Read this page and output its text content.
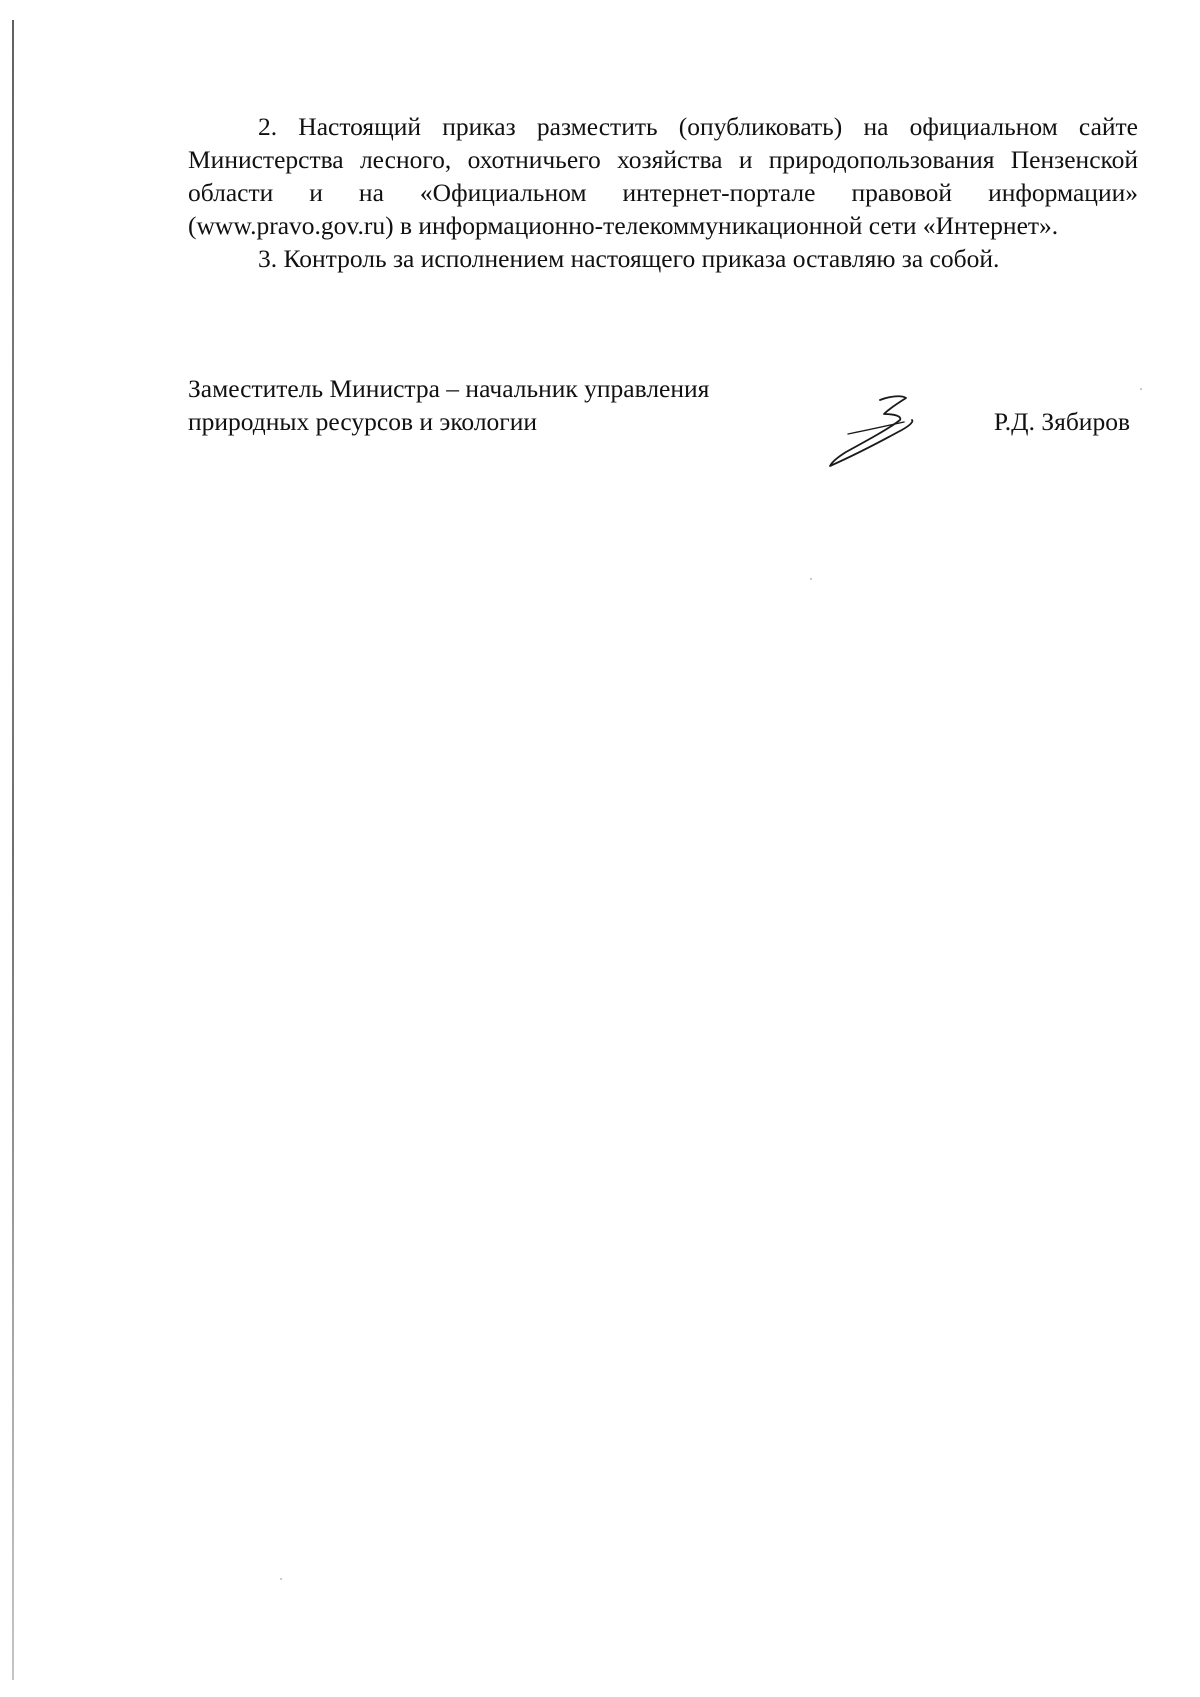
2. Настоящий приказ разместить (опубликовать) на официальном сайте Министерства лесного, охотничьего хозяйства и природопользования Пензенской области и на «Официальном интернет-портале правовой информации» (www.pravo.gov.ru) в информационно-телекоммуникационной сети «Интернет».

3. Контроль за исполнением настоящего приказа оставляю за собой.

Заместитель Министра – начальник управления
природных ресурсов и экологии	Р.Д. Зябиров
